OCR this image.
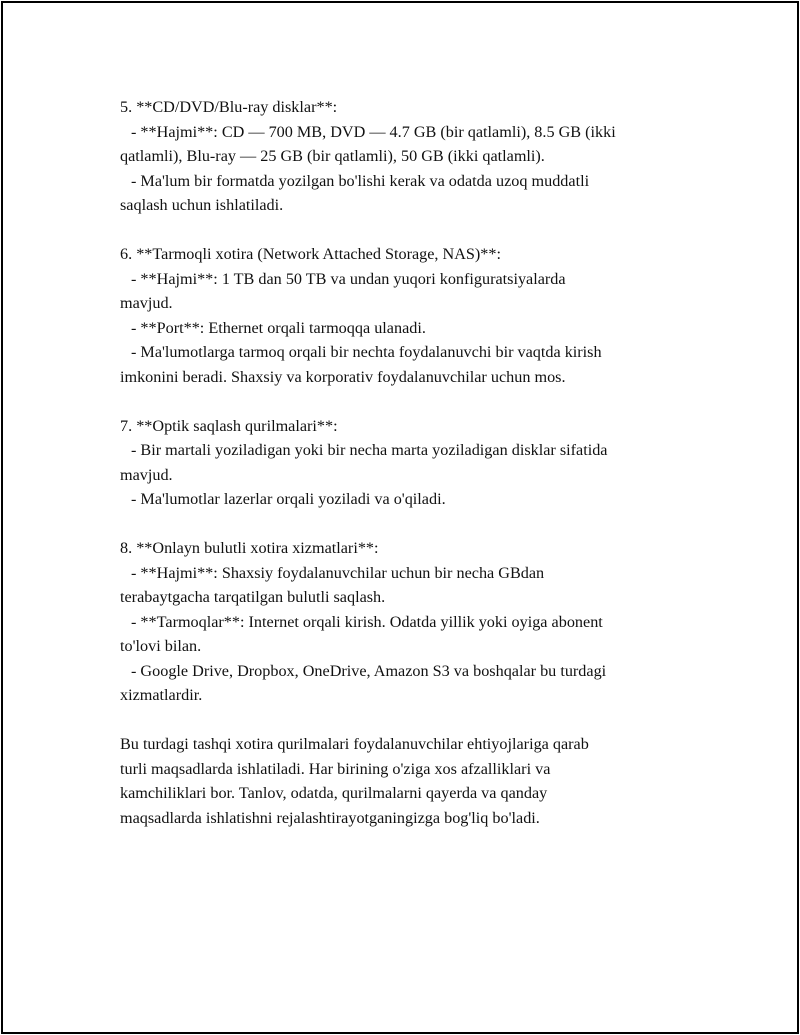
5. **CD/DVD/Blu-ray disklar**:
- **Hajmi**: CD — 700 MB, DVD — 4.7 GB (bir qatlamli), 8.5 GB (ikki
qatlamli), Blu-ray — 25 GB (bir qatlamli), 50 GB (ikki qatlamli).
- Ma'lum bir formatda yozilgan bo'lishi kerak va odatda uzoq muddatli
saqlash uchun ishlatiladi.
6. **Tarmoqli xotira (Network Attached Storage, NAS)**:
- **Hajmi**: 1 TB dan 50 TB va undan yuqori konfiguratsiyalarda
mavjud.
- **Port**: Ethernet orqali tarmoqqa ulanadi.
- Ma'lumotlarga tarmoq orqali bir nechta foydalanuvchi bir vaqtda kirish
imkonini beradi. Shaxsiy va korporativ foydalanuvchilar uchun mos.
7. **Optik saqlash qurilmalari**:
- Bir martali yoziladigan yoki bir necha marta yoziladigan disklar sifatida
mavjud.
- Ma'lumotlar lazerlar orqali yoziladi va o'qiladi.
8. **Onlayn bulutli xotira xizmatlari**:
- **Hajmi**: Shaxsiy foydalanuvchilar uchun bir necha GBdan
terabaytgacha tarqatilgan bulutli saqlash.
- **Tarmoqlar**: Internet orqali kirish. Odatda yillik yoki oyiga abonent
to'lovi bilan.
- Google Drive, Dropbox, OneDrive, Amazon S3 va boshqalar bu turdagi
xizmatlardir.
Bu turdagi tashqi xotira qurilmalari foydalanuvchilar ehtiyojlariga qarab
turli maqsadlarda ishlatiladi. Har birining o'ziga xos afzalliklari va
kamchiliklari bor. Tanlov, odatda, qurilmalarni qayerda va qanday
maqsadlarda ishlatishni rejalashtirayotganingizga bog'liq bo'ladi.
